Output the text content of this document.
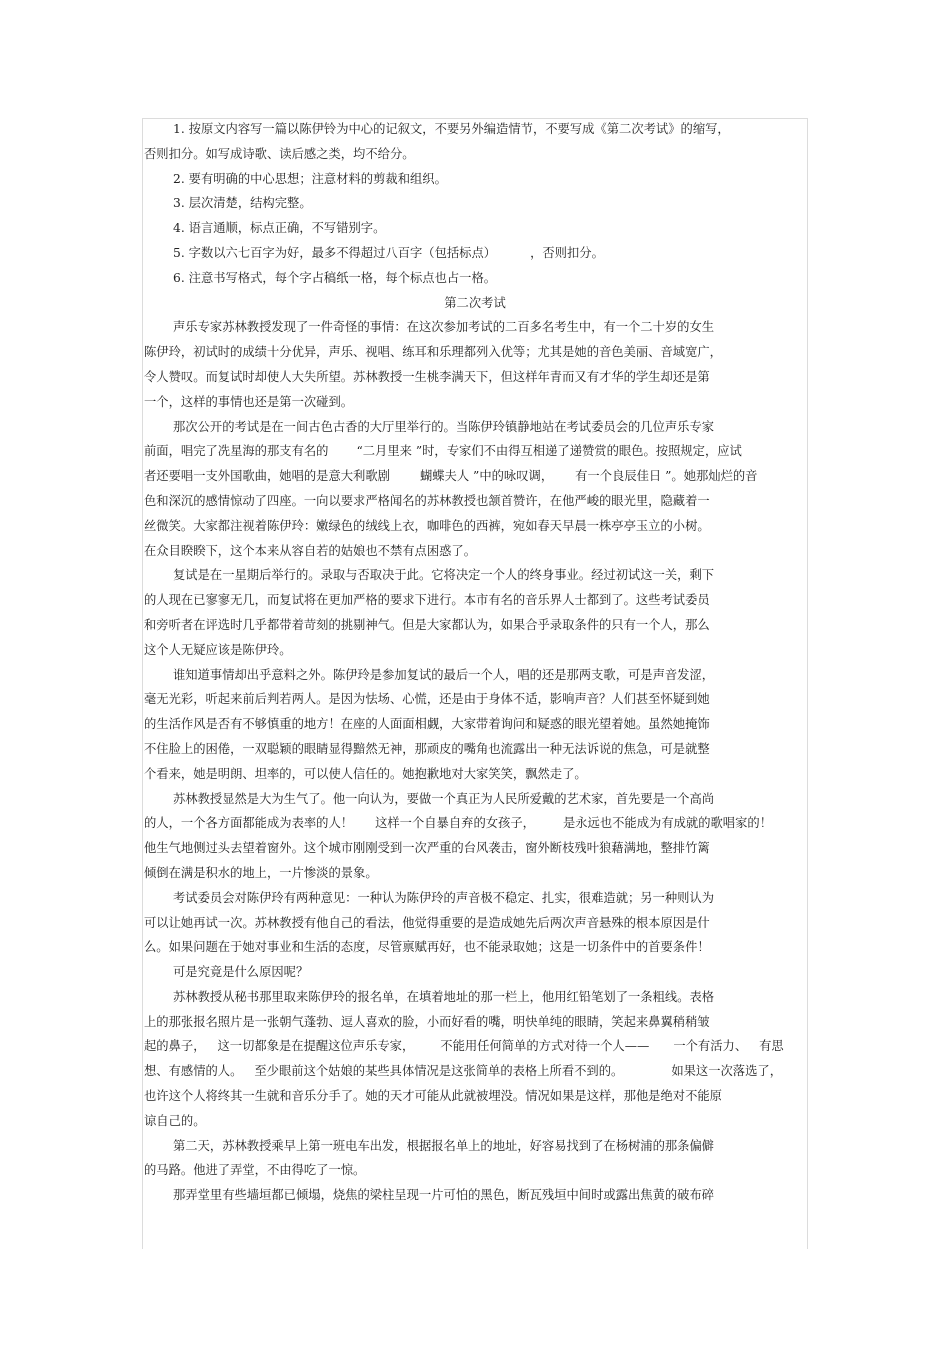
1. 按原文内容写一篇以陈伊铃为中心的记叙文，不要另外编造情节，不要写成《第二次考试》的缩写，
否则扣分。如写成诗歌、读后感之类，均不给分。
2. 要有明确的中心思想；注意材料的剪裁和组织。
3. 层次清楚，结构完整。
4. 语言通顺，标点正确，不写错别字。
5. 字数以六七百字为好，最多不得超过八百字（包括标点）	，否则扣分。
6. 注意书写格式，每个字占稿纸一格，每个标点也占一格。
第二次考试
声乐专家苏林教授发现了一件奇怪的事情：在这次参加考试的二百多名考生中，有一个二十岁的女生
陈伊玲，初试时的成绩十分优异，声乐、视唱、练耳和乐理都列入优等；尤其是她的音色美丽、音域宽广，
令人赞叹。而复试时却使人大失所望。苏林教授一生桃李满天下，但这样年青而又有才华的学生却还是第
一个，这样的事情也还是第一次碰到。
那次公开的考试是在一间古色古香的大厅里举行的。当陈伊玲镇静地站在考试委员会的几位声乐专家
前面，唱完了冼星海的那支有名的 “二月里来 ”时，专家们不由得互相递了递赞赏的眼色。按照规定，应试
者还要唱一支外国歌曲，她唱的是意大利歌剧 蝴蝶夫人 ”中的咏叹调， 有一个良辰佳日 ”。她那灿烂的音
色和深沉的感情惊动了四座。一向以要求严格闻名的苏林教授也颔首赞许，在他严峻的眼光里，隐藏着一
丝微笑。大家都注视着陈伊玲：嫩绿色的绒线上衣，咖啡色的西裤，宛如春天早晨一株亭亭玉立的小树。
在众目睽睽下，这个本来从容自若的姑娘也不禁有点困惑了。
复试是在一星期后举行的。录取与否取决于此。它将决定一个人的终身事业。经过初试这一关，剩下
的人现在已寥寥无几，而复试将在更加严格的要求下进行。本市有名的音乐界人士都到了。这些考试委员
和旁听者在评选时几乎都带着苛刻的挑剔神气。但是大家都认为，如果合乎录取条件的只有一个人，那么
这个人无疑应该是陈伊玲。
谁知道事情却出乎意料之外。陈伊玲是参加复试的最后一个人，唱的还是那两支歌，可是声音发涩，
毫无光彩，听起来前后判若两人。是因为怯场、心慌，还是由于身体不适，影响声音？人们甚至怀疑到她
的生活作风是否有不够慎重的地方！在座的人面面相觑，大家带着询问和疑惑的眼光望着她。虽然她掩饰
不住脸上的困倦，一双聪颖的眼睛显得黯然无神，那顽皮的嘴角也流露出一种无法诉说的焦急，可是就整
个看来，她是明朗、坦率的，可以使人信任的。她抱歉地对大家笑笑，飘然走了。
苏林教授显然是大为生气了。他一向认为，要做一个真正为人民所爱戴的艺术家，首先要是一个高尚
的人，一个各方面都能成为表率的人！ 这样一个自暴自弃的女孩子， 是永远也不能成为有成就的歌唱家的！
他生气地侧过头去望着窗外。这个城市刚刚受到一次严重的台风袭击，窗外断枝残叶狼藉满地，整排竹篱
倾倒在满是积水的地上，一片惨淡的景象。
考试委员会对陈伊玲有两种意见：一种认为陈伊玲的声音极不稳定、扎实，很难造就；另一种则认为
可以让她再试一次。苏林教授有他自己的看法，他觉得重要的是造成她先后两次声音悬殊的根本原因是什
么。如果问题在于她对事业和生活的态度，尽管禀赋再好，也不能录取她；这是一切条件中的首要条件！
可是究竟是什么原因呢？
苏林教授从秘书那里取来陈伊玲的报名单，在填着地址的那一栏上，他用红铅笔划了一条粗线。表格
上的那张报名照片是一张朝气蓬勃、逗人喜欢的脸，小而好看的嘴，明快单纯的眼睛，笑起来鼻翼稍稍皱
起的鼻子， 这一切都象是在提醒这位声乐专家， 不能用任何简单的方式对待一个人—— 一个有活力、 有思
想、有感情的人。 至少眼前这个姑娘的某些具体情况是这张简单的表格上所看不到的。	如果这一次落选了，
也许这个人将终其一生就和音乐分手了。她的天才可能从此就被埋没。情况如果是这样，那他是绝对不能原
谅自己的。
第二天，苏林教授乘早上第一班电车出发，根据报名单上的地址，好容易找到了在杨树浦的那条偏僻
的马路。他进了弄堂，不由得吃了一惊。
那弄堂里有些墙垣都已倾塌，烧焦的梁柱呈现一片可怕的黑色，断瓦残垣中间时或露出焦黄的破布碎
